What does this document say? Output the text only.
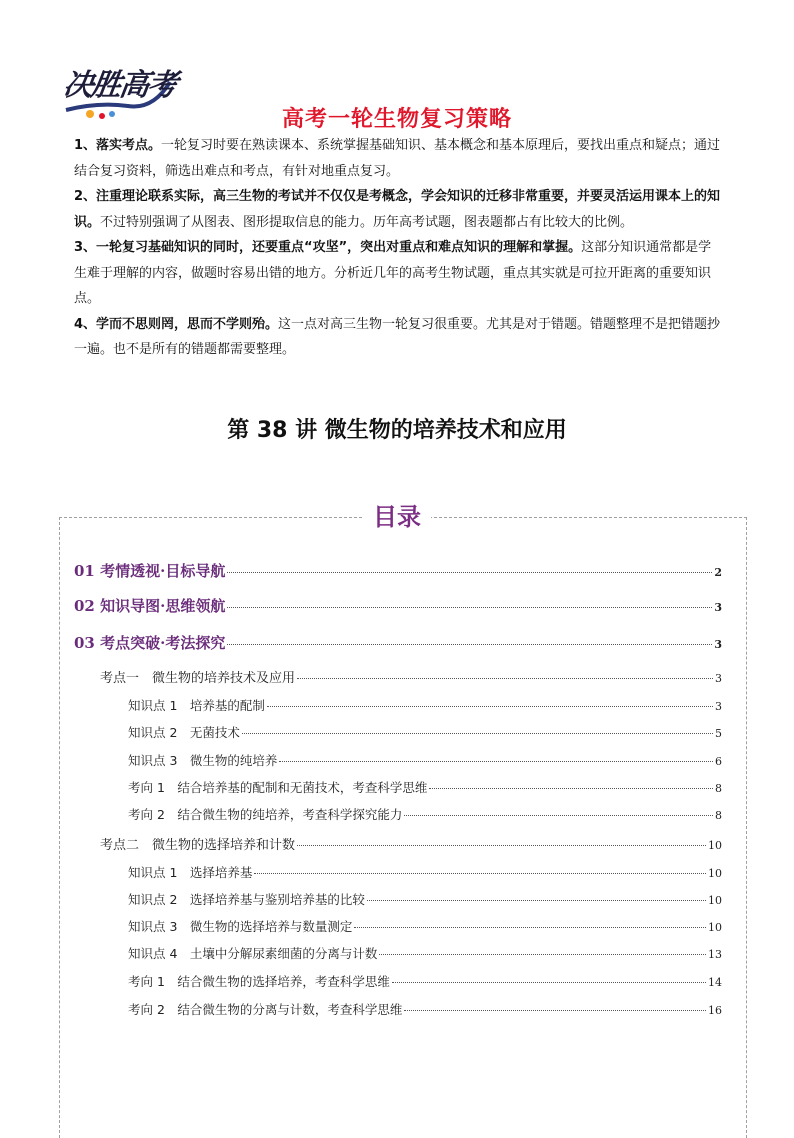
决胜高考
高考一轮生物复习策略

1、落实考点。一轮复习时要在熟读课本、系统掌握基础知识、基本概念和基本原理后，要找出重点和疑点；通过结合复习资料，筛选出难点和考点，有针对地重点复习。

2、注重理论联系实际，高三生物的考试并不仅仅是考概念，学会知识的迁移非常重要，并要灵活运用课本上的知识。不过特别强调了从图表、图形提取信息的能力。历年高考试题，图表题都占有比较大的比例。

3、一轮复习基础知识的同时，还要重点“攻坚”，突出对重点和难点知识的理解和掌握。这部分知识通常都是学生难于理解的内容，做题时容易出错的地方。分析近几年的高考生物试题，重点其实就是可拉开距离的重要知识点。

4、学而不思则罔，思而不学则殆。这一点对高三生物一轮复习很重要。尤其是对于错题。错题整理不是把错题抄一遍。也不是所有的错题都需要整理。

第 38 讲 微生物的培养技术和应用
目录
01 考情透视·目标导航	2
02 知识导图·思维领航	3
03 考点突破·考法探究	3
考点一　微生物的培养技术及应用	3
知识点 1　培养基的配制	3
知识点 2　无菌技术	5
知识点 3　微生物的纯培养	6
考向 1　结合培养基的配制和无菌技术，考查科学思维	8
考向 2　结合微生物的纯培养，考查科学探究能力	8
考点二　微生物的选择培养和计数	10
知识点 1　选择培养基	10
知识点 2　选择培养基与鉴别培养基的比较	10
知识点 3　微生物的选择培养与数量测定	10
知识点 4　土壤中分解尿素细菌的分离与计数	13
考向 1　结合微生物的选择培养，考查科学思维	14
考向 2　结合微生物的分离与计数，考查科学思维	16
